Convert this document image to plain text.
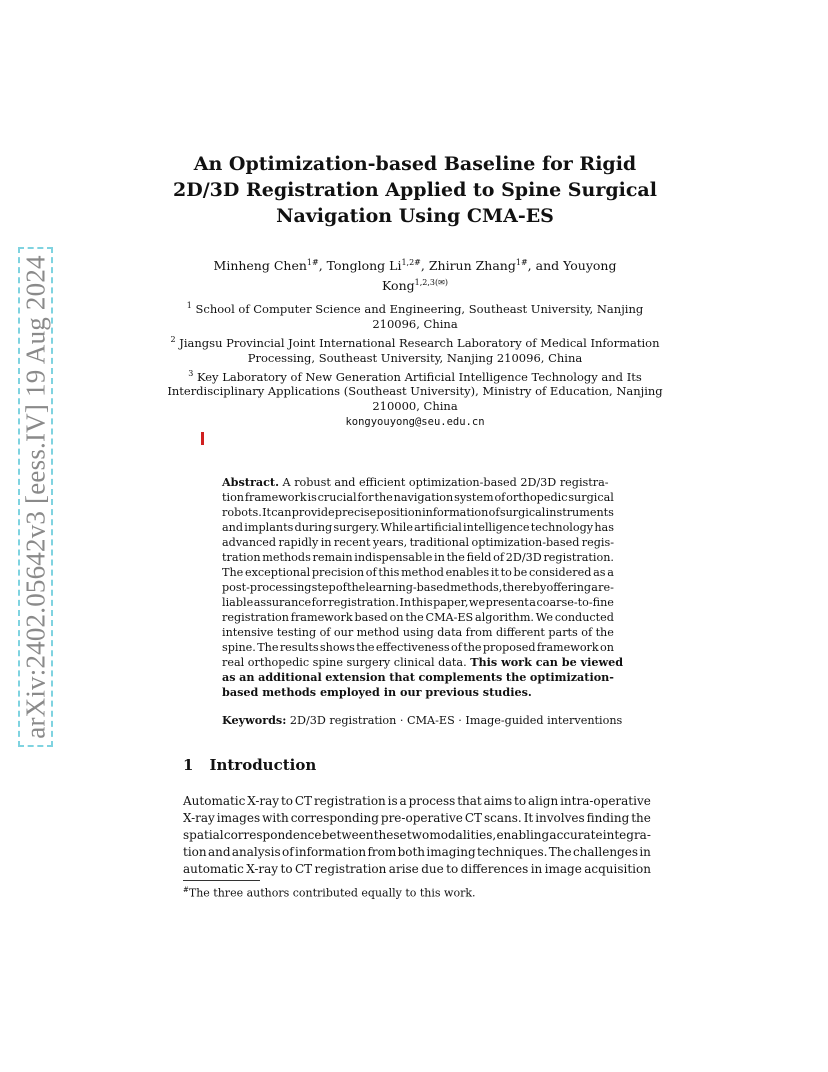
arXiv:2402.05642v3 [eess.IV] 19 Aug 2024
An Optimization-based Baseline for Rigid
2D/3D Registration Applied to Spine Surgical
Navigation Using CMA-ES
Minheng Chen$^{1\#}$, Tonglong $Li^{1,2\#}$, Zhirun Zhang$^{1\#}$, and Youyong
Kong$^{1,2,3(✉)}$
$^1$ School of Computer Science and Engineering, Southeast University, Nanjing
210096, China
$^2$ Jiangsu Provincial Joint International Research Laboratory of Medical Information
Processing, Southeast University, Nanjing 210096, China
$^3$ Key Laboratory of New Generation Artificial Intelligence Technology and Its
Interdisciplinary Applications (Southeast University), Ministry of Education, Nanjing
210000, China
kongyouyong@seu.edu.cn
Abstract. A robust and efficient optimization-based 2D/3D registra-
tion framework is crucial for the navigation system of orthopedic surgical
robots. It can provide precise position information of surgical instruments
and implants during surgery. While artificial intelligence technology has
advanced rapidly in recent years, traditional optimization-based regis-
tration methods remain indispensable in the field of 2D/3D registration.
The exceptional precision of this method enables it to be considered as a
post-processing step of the learning-based methods, thereby offering a re-
liable assurance for registration. In this paper, we present a coarse-to-fine
registration framework based on the CMA-ES algorithm. We conducted
intensive testing of our method using data from different parts of the
spine. The results shows the effectiveness of the proposed framework on
real orthopedic spine surgery clinical data. This work can be viewed
as an additional extension that complements the optimization-
based methods employed in our previous studies.
Keywords: 2D/3D registration · CMA-ES · Image-guided interventions
1 Introduction
Automatic X-ray to CT registration is a process that aims to align intra-operative
X-ray images with corresponding pre-operative CT scans. It involves finding the
spatial correspondence between these two modalities, enabling accurate integra-
tion and analysis of information from both imaging techniques. The challenges in
automatic X-ray to CT registration arise due to differences in image acquisition
#The three authors contributed equally to this work.
